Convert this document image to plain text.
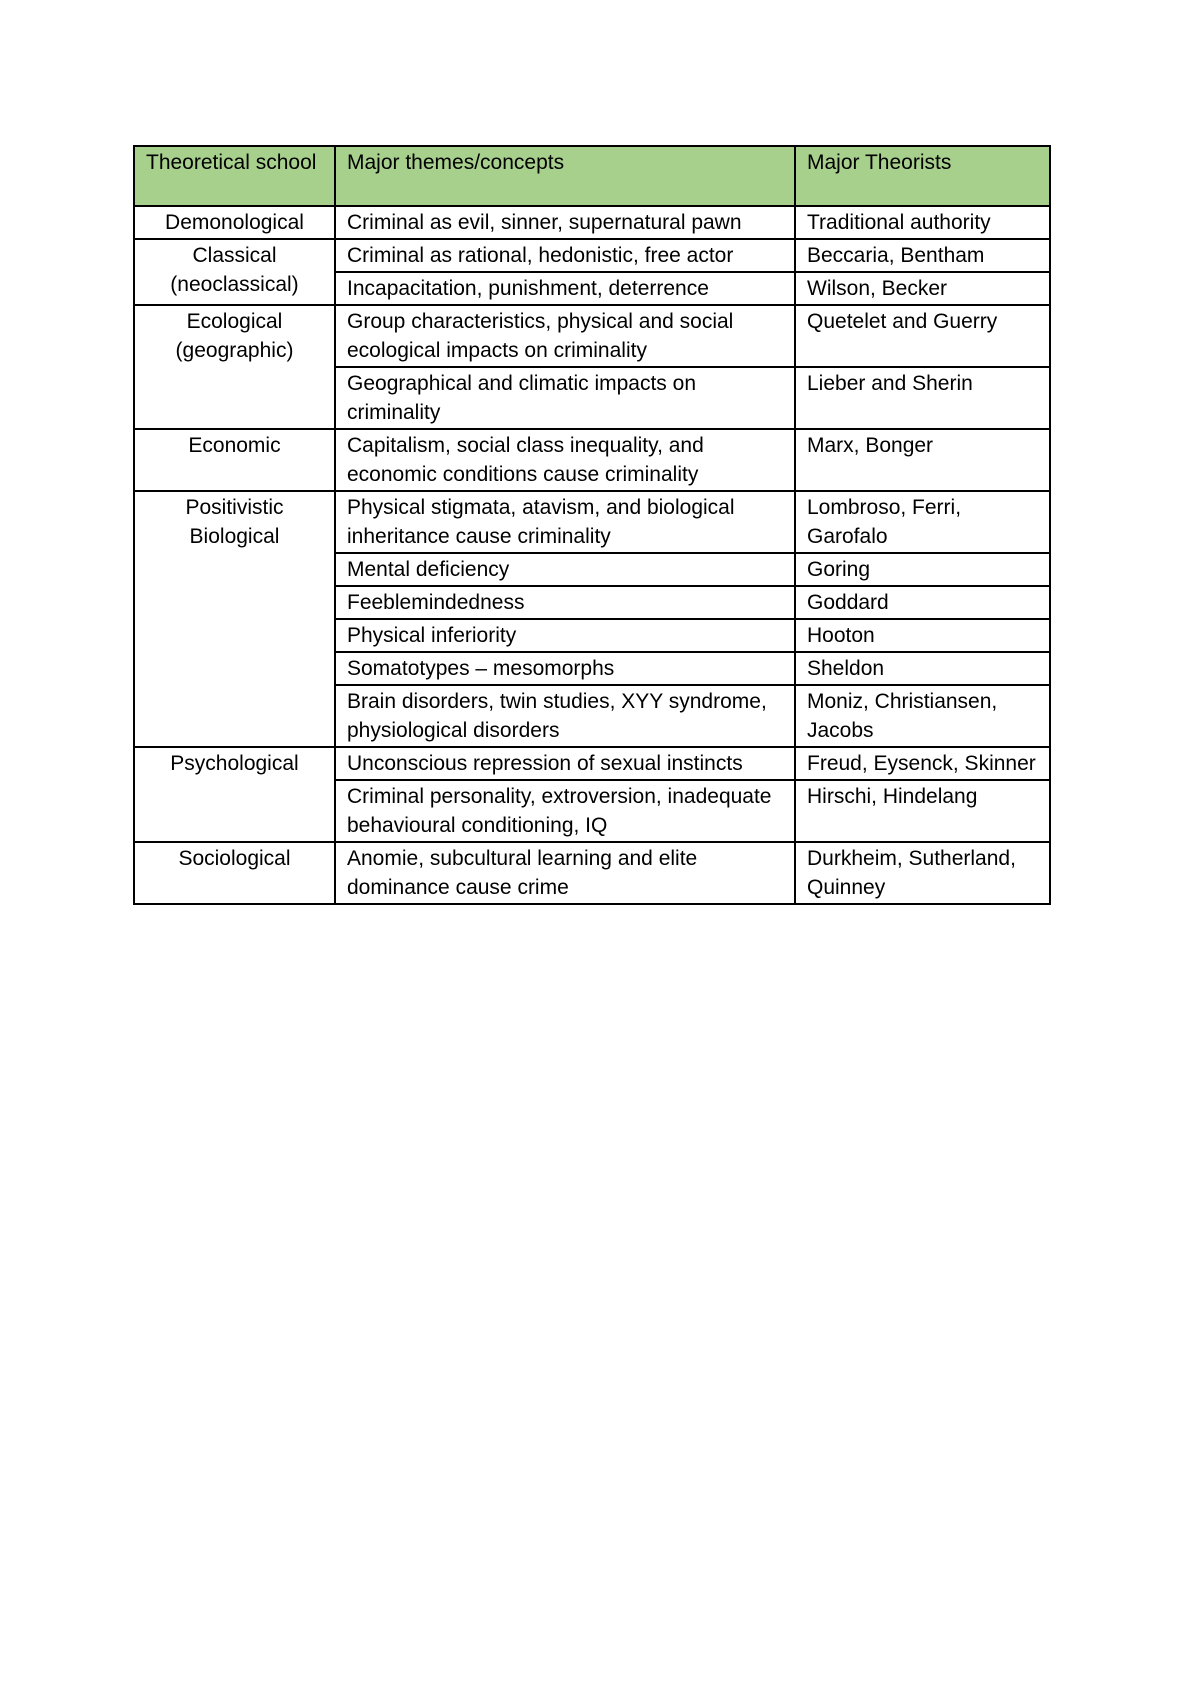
Theoretical school	Major themes/concepts	Major Theorists
Demonological	Criminal as evil, sinner, supernatural pawn	Traditional authority
Classical (neoclassical)	Criminal as rational, hedonistic, free actor	Beccaria, Bentham
	Incapacitation, punishment, deterrence	Wilson, Becker
Ecological (geographic)	Group characteristics, physical and social ecological impacts on criminality	Quetelet and Guerry
	Geographical and climatic impacts on criminality	Lieber and Sherin
Economic	Capitalism, social class inequality, and economic conditions cause criminality	Marx, Bonger
Positivistic Biological	Physical stigmata, atavism, and biological inheritance cause criminality	Lombroso, Ferri, Garofalo
	Mental deficiency	Goring
	Feeblemindedness	Goddard
	Physical inferiority	Hooton
	Somatotypes – mesomorphs	Sheldon
	Brain disorders, twin studies, XYY syndrome, physiological disorders	Moniz, Christiansen, Jacobs
Psychological	Unconscious repression of sexual instincts	Freud, Eysenck, Skinner
	Criminal personality, extroversion, inadequate behavioural conditioning, IQ	Hirschi, Hindelang
Sociological	Anomie, subcultural learning and elite dominance cause crime	Durkheim, Sutherland, Quinney
